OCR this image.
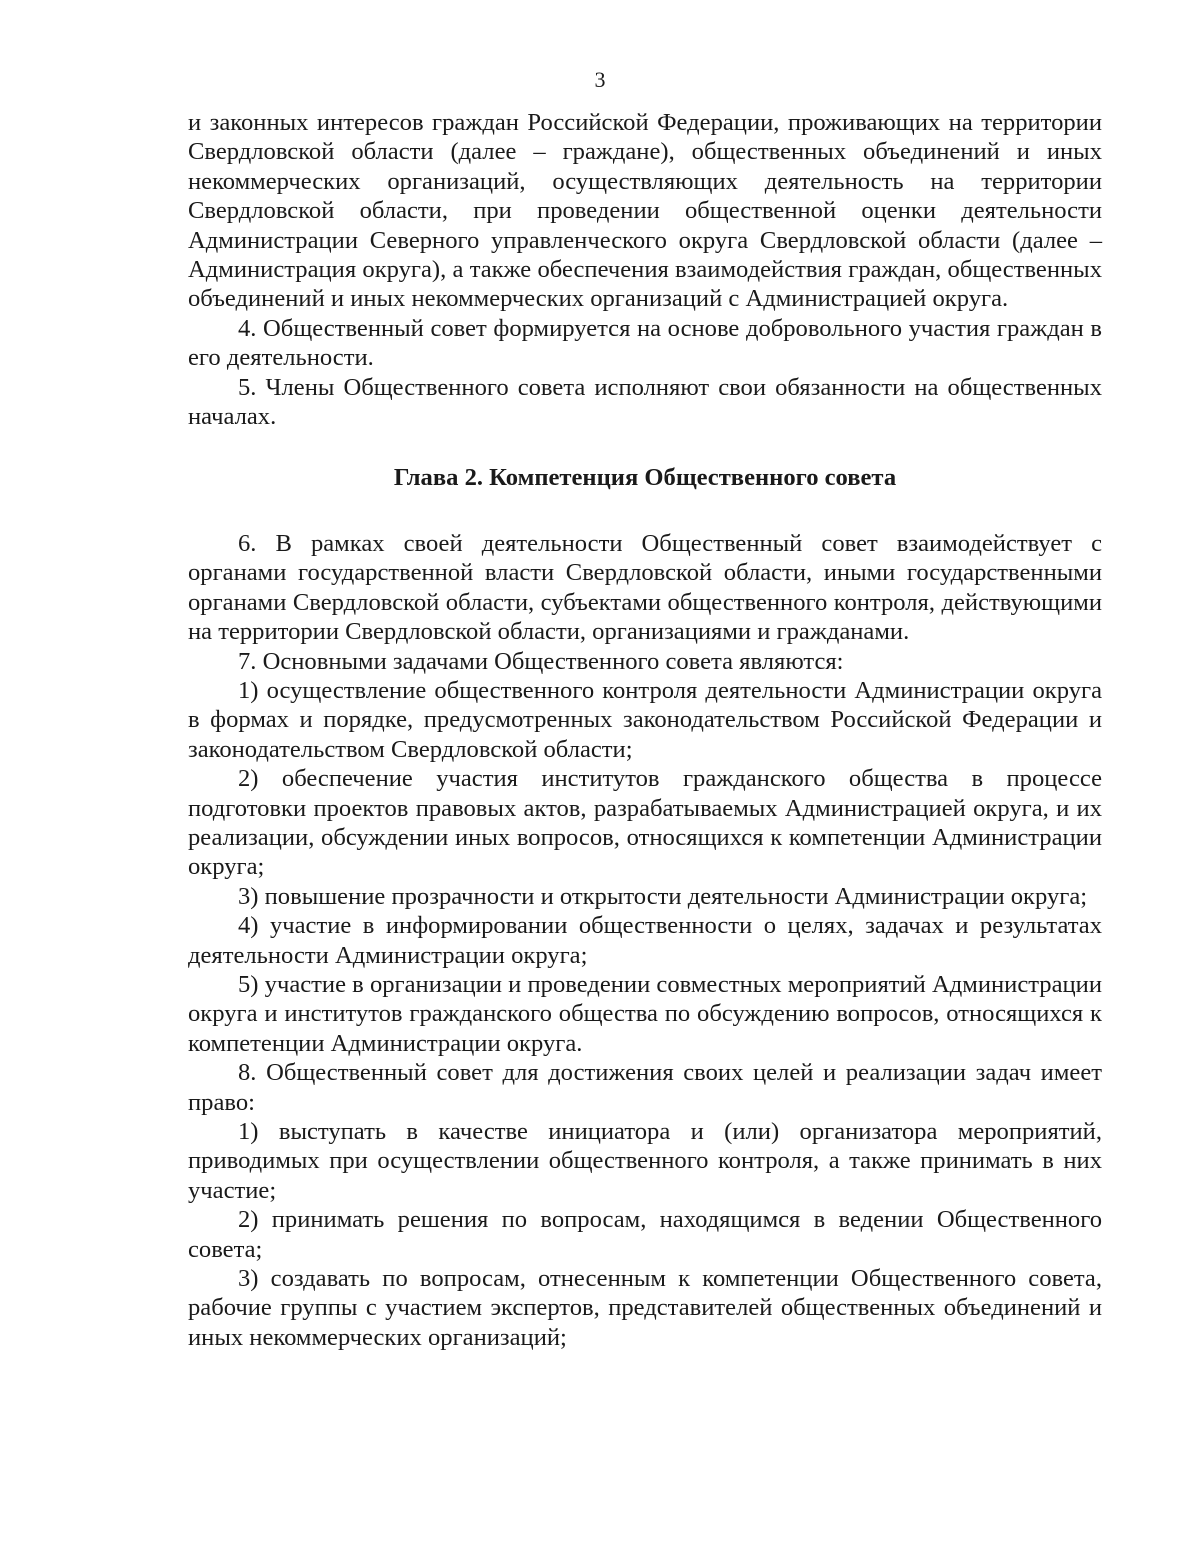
3

и законных интересов граждан Российской Федерации, проживающих на территории Свердловской области (далее – граждане), общественных объединений и иных некоммерческих организаций, осуществляющих деятельность на территории Свердловской области, при проведении общественной оценки деятельности Администрации Северного управленческого округа Свердловской области (далее – Администрация округа), а также обеспечения взаимодействия граждан, общественных объединений и иных некоммерческих организаций с Администрацией округа.

4. Общественный совет формируется на основе добровольного участия граждан в его деятельности.

5. Члены Общественного совета исполняют свои обязанности на общественных началах.

Глава 2. Компетенция Общественного совета

6. В рамках своей деятельности Общественный совет взаимодействует с органами государственной власти Свердловской области, иными государственными органами Свердловской области, субъектами общественного контроля, действующими на территории Свердловской области, организациями и гражданами.

7. Основными задачами Общественного совета являются:

1) осуществление общественного контроля деятельности Администрации округа в формах и порядке, предусмотренных законодательством Российской Федерации и законодательством Свердловской области;

2) обеспечение участия институтов гражданского общества в процессе подготовки проектов правовых актов, разрабатываемых Администрацией округа, и их реализации, обсуждении иных вопросов, относящихся к компетенции Администрации округа;

3) повышение прозрачности и открытости деятельности Администрации округа;

4) участие в информировании общественности о целях, задачах и результатах деятельности Администрации округа;

5) участие в организации и проведении совместных мероприятий Администрации округа и институтов гражданского общества по обсуждению вопросов, относящихся к компетенции Администрации округа.

8. Общественный совет для достижения своих целей и реализации задач имеет право:

1) выступать в качестве инициатора и (или) организатора мероприятий, приводимых при осуществлении общественного контроля, а также принимать в них участие;

2) принимать решения по вопросам, находящимся в ведении Общественного совета;

3) создавать по вопросам, отнесенным к компетенции Общественного совета, рабочие группы с участием экспертов, представителей общественных объединений и иных некоммерческих организаций;
